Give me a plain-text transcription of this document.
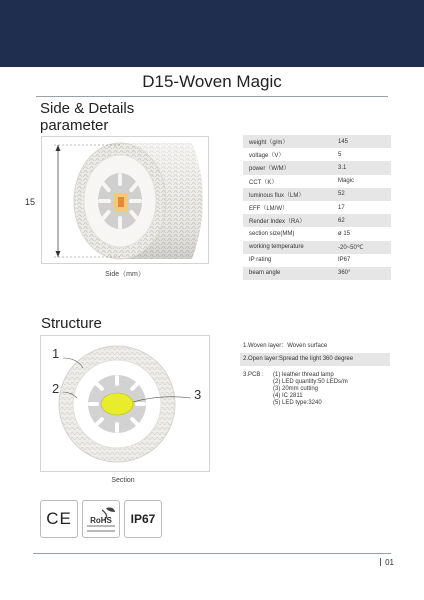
D15-Woven Magic
Side & Details
parameter
15
Side（mm）
weight（g/m）	145
voltage（V）	5
power（W/M）	3.1
CCT（K）	Magic
luminous flux（LM）	52
EFF（LM/W）	17
Render Index（RA）	62
section size(MM)	ø 15
working temperature	-20~50℃
IP rating	IP67
beam angle	360°
Structure
1
2	3
Section
1.Woven layer：Woven surface
2.Open layer:Spread the light 360 degree
3.PCB : (1) leather thread lamp
(2) LED quantity:50 LEDs/m
(3) 20mm cutting
(4) IC 2811
(5) LED type:3240
CE RoHS IP67
01
